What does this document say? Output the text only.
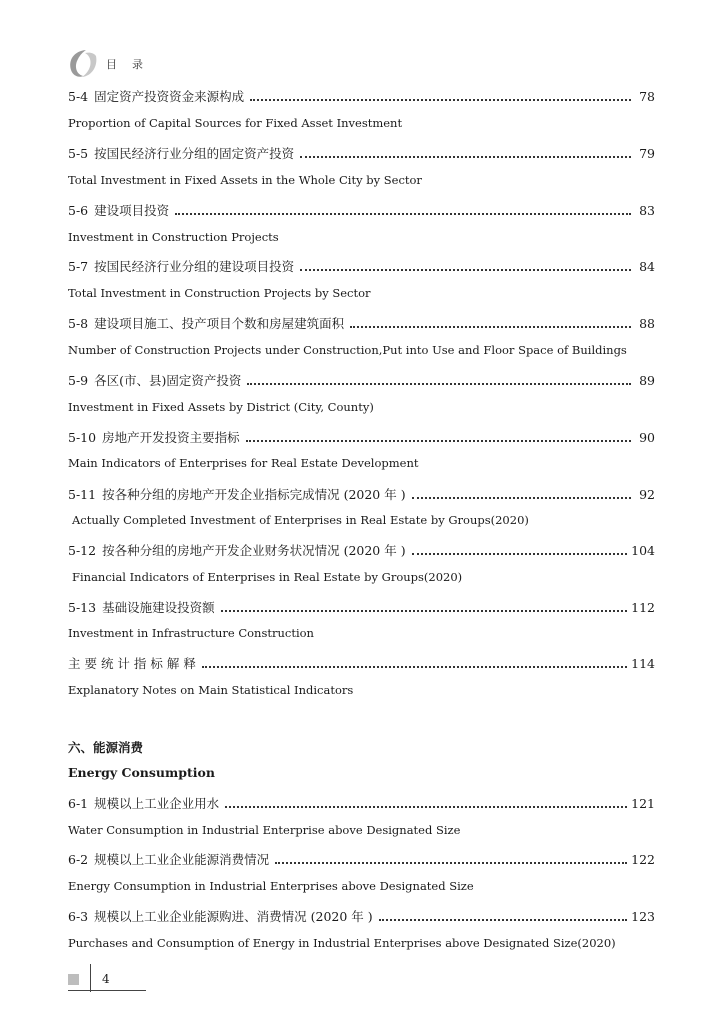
目　录
5-4 固定资产投资资金来源构成	78
Proportion of Capital Sources for Fixed Asset Investment
5-5 按国民经济行业分组的固定资产投资	79
Total Investment in Fixed Assets in the Whole City by Sector
5-6 建设项目投资	83
Investment in Construction Projects
5-7 按国民经济行业分组的建设项目投资	84
Total Investment in Construction Projects by Sector
5-8 建设项目施工、投产项目个数和房屋建筑面积	88
Number of Construction Projects under Construction,Put into Use and Floor Space of Buildings
5-9 各区(市、县)固定资产投资	89
Investment in Fixed Assets by District (City, County)
5-10 房地产开发投资主要指标	90
Main Indicators of Enterprises for Real Estate Development
5-11 按各种分组的房地产开发企业指标完成情况 (2020 年 )	92
Actually Completed Investment of Enterprises in Real Estate by Groups(2020)
5-12 按各种分组的房地产开发企业财务状况情况 (2020 年 )	104
Financial Indicators of Enterprises in Real Estate by Groups(2020)
5-13 基础设施建设投资额	112
Investment in Infrastructure Construction
主 要 统 计 指 标 解 释	114
Explanatory Notes on Main Statistical Indicators
六、能源消费
Energy Consumption
6-1 规模以上工业企业用水	121
Water Consumption in Industrial Enterprise above Designated Size
6-2 规模以上工业企业能源消费情况	122
Energy Consumption in Industrial Enterprises above Designated Size
6-3 规模以上工业企业能源购进、消费情况 (2020 年 )	123
Purchases and Consumption of Energy in Industrial Enterprises above Designated Size(2020)
4
